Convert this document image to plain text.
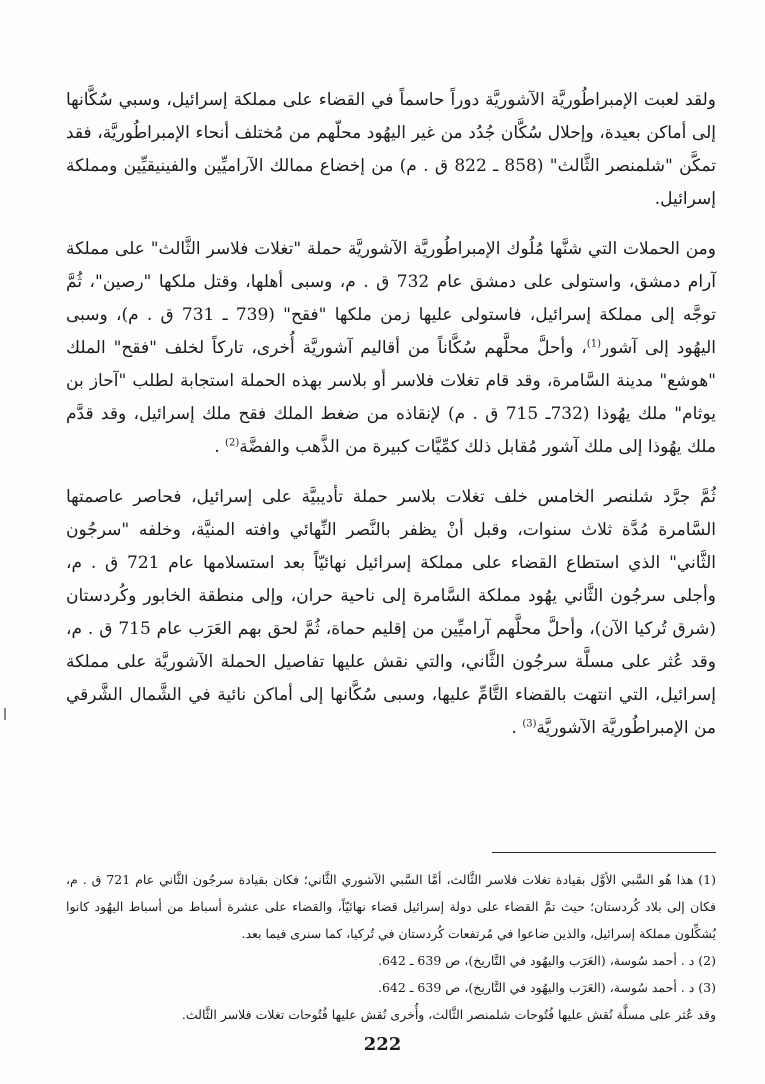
ولقد لعبت الإمبراطُوريَّة الآشوريَّة دوراً حاسماً في القضاء على مملكة إسرائيل، وسبي سُكَّانها إلى أماكن بعيدة، وإحلال سُكَّان جُدُد من غير اليهُود محلّهم من مُختلف أنحاء الإمبراطُوريَّة، فقد تمكَّن "شلمنصر الثَّالث" (858 ـ 822 ق . م) من إخضاع ممالك الآراميِّين والفينيقيِّين ومملكة إسرائيل.

ومن الحملات التي شنَّها مُلُوك الإمبراطُوريَّة الآشوريَّة حملة "تغلات فلاسر الثَّالث" على مملكة آرام دمشق، واستولى على دمشق عام 732 ق . م، وسبى أهلها، وقتل ملكها "رصين"، ثُمَّ توجَّه إلى مملكة إسرائيل، فاستولى عليها زمن ملكها "فقح" (739 ـ 731 ق . م)، وسبى اليهُود إلى آشور$^{(1)}$، وأحلَّ محلَّهم سُكَّاناً من أقاليم آشوريَّة أُخرى، تاركاً لخلف "فقح" الملك "هوشع" مدينة السَّامرة، وقد قام تغلات فلاسر أو بلاسر بهذه الحملة استجابة لطلب "آحاز بن يوثام" ملك يهُوذا (732ـ 715 ق . م) لإنقاذه من ضغط الملك فقح ملك إسرائيل، وقد قدَّم ملك يهُوذا إلى ملك آشور مُقابل ذلك كمِّيَّات كبيرة من الذَّهب والفضَّة$^{(2)}$ .

ثُمَّ جرَّد شلنصر الخامس خلف تغلات بلاسر حملة تأديبيَّة على إسرائيل، فحاصر عاصمتها السَّامرة مُدَّة ثلاث سنوات، وقبل أنْ يظفر بالنَّصر النِّهائي وافته المنيَّة، وخلفه "سرجُون الثَّاني" الذي استطاع القضاء على مملكة إسرائيل نهائيّاً بعد استسلامها عام 721 ق . م، وأجلى سرجُون الثَّاني يهُود مملكة السَّامرة إلى ناحية حران، وإلى منطقة الخابور وكُردستان (شرق تُركيا الآن)، وأحلَّ محلَّهم آراميِّين من إقليم حماة، ثُمَّ لحق بهم العَرَب عام 715 ق . م، وقد عُثر على مسلَّة سرجُون الثَّاني، والتي نقش عليها تفاصيل الحملة الآشوريَّة على مملكة إسرائيل، التي انتهت بالقضاء التَّامِّ عليها، وسبى سُكَّانها إلى أماكن نائية في الشَّمال الشَّرقي من الإمبراطُوريَّة الآشوريَّة$^{(3)}$ .

(1) هذا هُو السَّبي الأوَّل بقيادة تغلات فلاسر الثَّالث، أمَّا السَّبي الآشوري الثَّاني؛ فكان بقيادة سرجُون الثَّاني عام 721 ق . م، فكان إلى بلاد كُردستان؛ حيث تمَّ القضاء على دولة إسرائيل قضاء نهائيّاً، والقضاء على عشرة أسباط من أسباط اليهُود كانوا يُشكِّلون مملكة إسرائيل، والذين ضاعوا في مُرتفعات كُردستان في تُركيا، كما سنرى فيما بعد.

(2) د . أحمد سُوسة، (العَرَب واليهُود في التَّاريخ)، ص 639 ـ 642.

(3) د . أحمد سُوسة، (العَرَب واليهُود في التَّاريخ)، ص 639 ـ 642.

وقد عُثر على مسلَّة نُقش عليها فُتُوحات شلمنصر الثَّالث، وأُخرى نُقش عليها فُتُوحات تغلات فلاسر الثَّالث.

222
